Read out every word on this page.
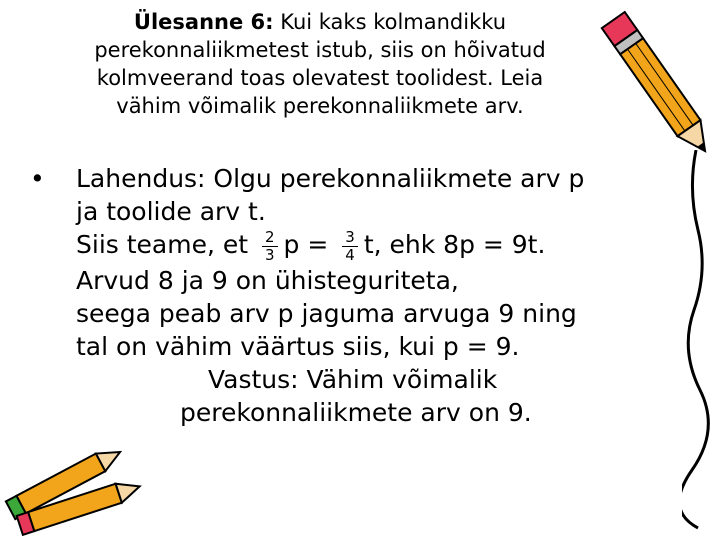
Ülesanne 6: Kui kaks kolmandikku
perekonnaliikmetest istub, siis on hõivatud
kolmveerand toas olevatest toolidest. Leia
vähim võimalik perekonnaliikmete arv.
•	Lahendus: Olgu perekonnaliikmete arv p
ja toolide arv t.
Siis teame, et $\frac{2}{3}$ $p = \frac{3}{4} t$, ehk 8p = 9t.
Arvud 8 ja 9 on ühisteguriteta,
seega peab arv p jaguma arvuga 9 ning
tal on vähim väärtus siis, kui p = 9.
Vastus: Vähim võimalik
perekonnaliikmete arv on 9.
